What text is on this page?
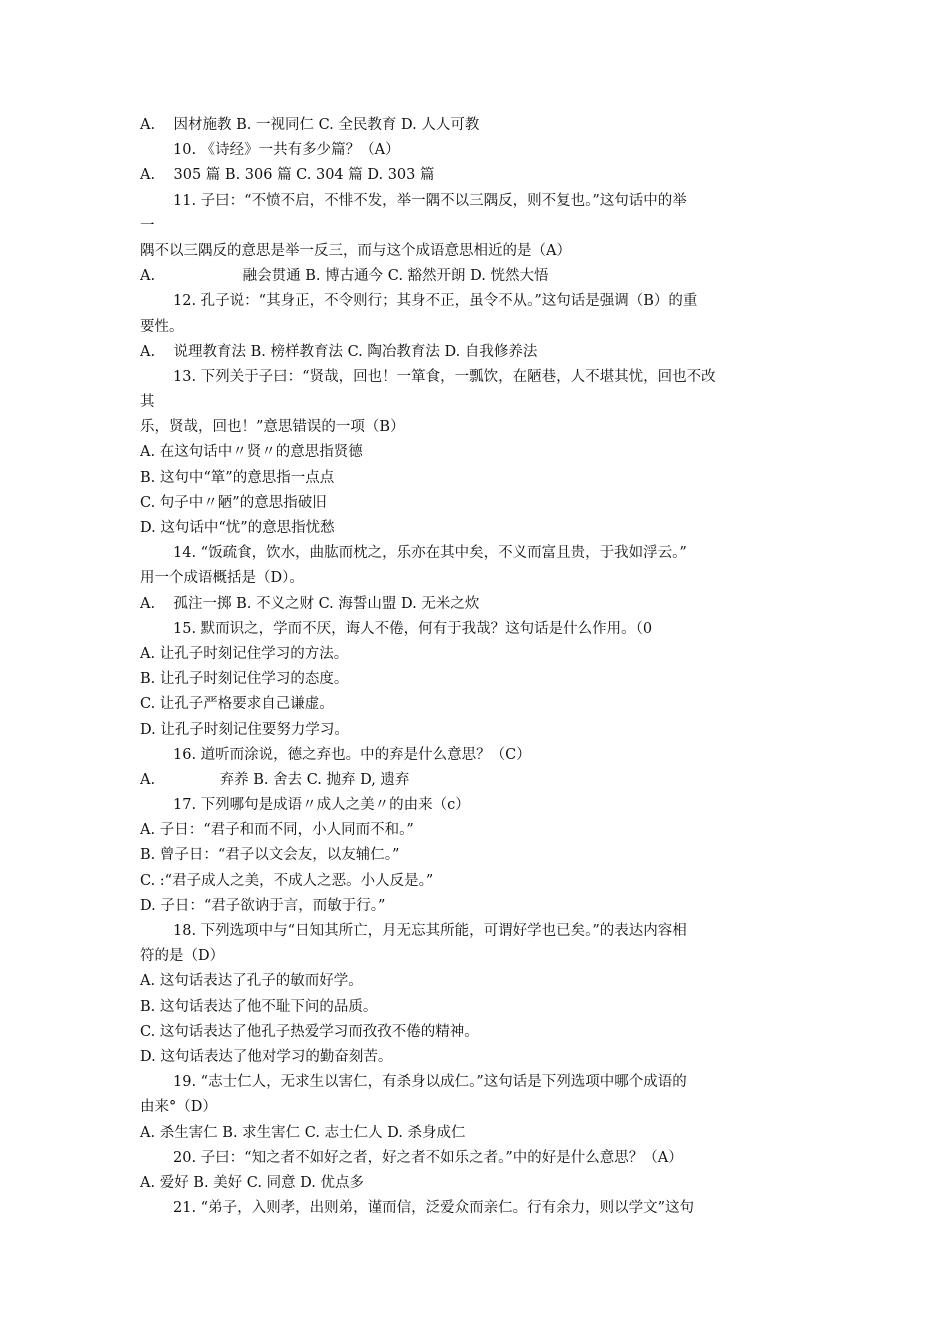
A.    因材施教 B. 一视同仁 C. 全民教育 D. 人人可教
10. 《诗经》一共有多少篇？（A）
A.    305 篇 B. 306 篇 C. 304 篇 D. 303 篇
11. 子曰：“不愤不启，不悱不发，举一隅不以三隅反，则不复也。”这句话中的举
一
隅不以三隅反的意思是举一反三，而与这个成语意思相近的是（A）
A.                   融会贯通 B. 博古通今 C. 豁然开朗 D. 恍然大悟
12. 孔子说：“其身正，不令则行；其身不正，虽令不从。”这句话是强调（B）的重
要性。
A.    说理教育法 B. 榜样教育法 C. 陶冶教育法 D. 自我修养法
13. 下列关于子曰：“贤哉，回也！一箪食，一瓢饮，在陋巷，人不堪其忧，回也不改
其
乐，贤哉，回也！”意思错误的一项（B）
A. 在这句话中〃贤〃的意思指贤德
B. 这句中“箪”的意思指一点点
C. 句子中〃陋”的意思指破旧
D. 这句话中“忧”的意思指忧愁
14. “饭疏食，饮水，曲肱而枕之，乐亦在其中矣，不义而富且贵，于我如浮云。”
用一个成语概括是（D）。
A.    孤注一掷 B. 不义之财 C. 海誓山盟 D. 无米之炊
15. 默而识之，学而不厌，诲人不倦，何有于我哉？这句话是什么作用。（0
A. 让孔子时刻记住学习的方法。
B. 让孔子时刻记住学习的态度。
C. 让孔子严格要求自己谦虚。
D. 让孔子时刻记住要努力学习。
16. 道听而涂说，德之弃也。中的弃是什么意思？（C）
A.              弃养 B. 舍去 C. 抛弃 D, 遗弃
17. 下列哪句是成语〃成人之美〃的由来（c）
A. 子日：“君子和而不同，小人同而不和。”
B. 曾子日：“君子以文会友，以友辅仁。”
C. :“君子成人之美，不成人之恶。小人反是。”
D. 子日：“君子欲讷于言，而敏于行。”
18. 下列选项中与“日知其所亡，月无忘其所能，可谓好学也已矣。”的表达内容相
符的是（D）
A. 这句话表达了孔子的敏而好学。
B. 这句话表达了他不耻下问的品质。
C. 这句话表达了他孔子热爱学习而孜孜不倦的精神。
D. 这句话表达了他对学习的勤奋刻苦。
19. “志士仁人，无求生以害仁，有杀身以成仁。”这句话是下列选项中哪个成语的
由来°（D）
A. 杀生害仁 B. 求生害仁 C. 志士仁人 D. 杀身成仁
20. 子曰：“知之者不如好之者，好之者不如乐之者。”中的好是什么意思？（A）
A. 爱好 B. 美好 C. 同意 D. 优点多
21. “弟子，入则孝，出则弟，谨而信，泛爱众而亲仁。行有余力，则以学文”这句
